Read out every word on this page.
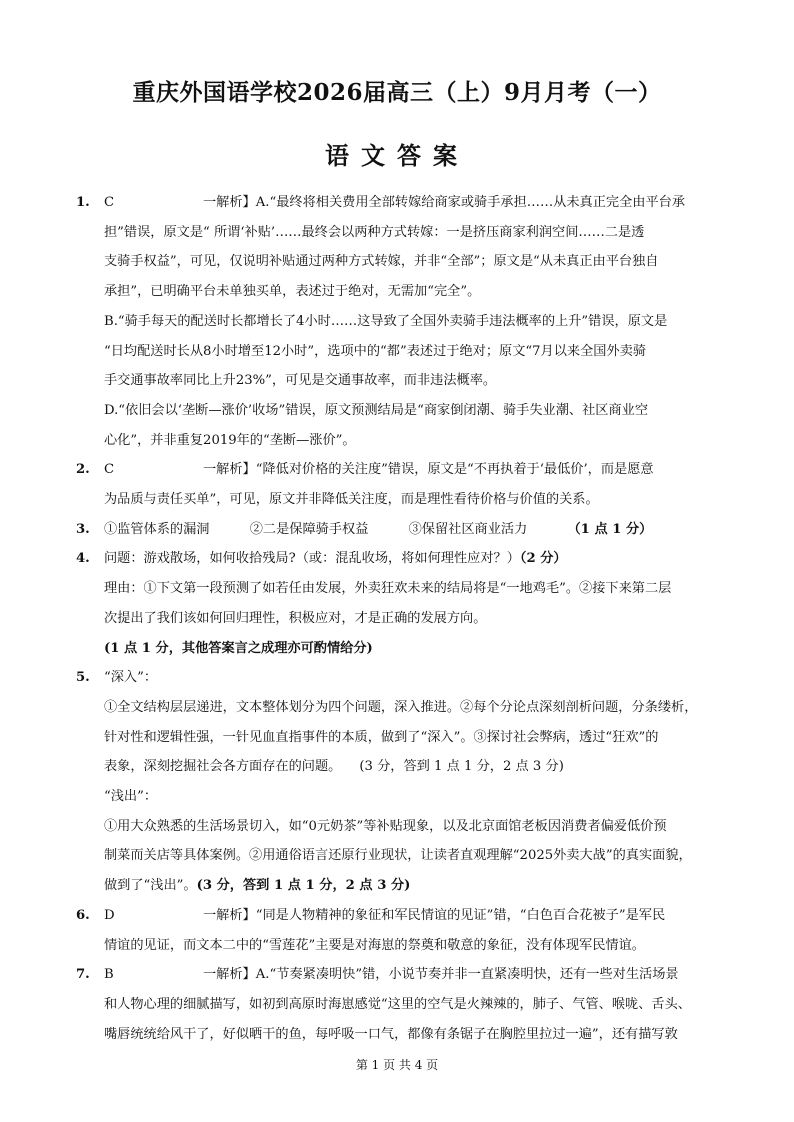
重庆外国语学校2026届高三（上）9月月考（一）
语文答案
1.	C	一解析】A.“最终将相关费用全部转嫁给商家或骑手承担……从未真正完全由平台承
担”错误，原文是“ 所谓‘补贴’……最终会以两种方式转嫁：一是挤压商家利润空间……二是透
支骑手权益”，可见，仅说明补贴通过两种方式转嫁，并非“全部”；原文是“从未真正由平台独自
承担”，已明确平台未单独买单，表述过于绝对，无需加“完全”。
B.“骑手每天的配送时长都增长了4小时……这导致了全国外卖骑手违法概率的上升”错误，原文是
“日均配送时长从8小时增至12小时”，选项中的“都”表述过于绝对；原文“7月以来全国外卖骑
手交通事故率同比上升23%”，可见是交通事故率，而非违法概率。
D.“依旧会以‘垄断—涨价’收场”错误，原文预测结局是“商家倒闭潮、骑手失业潮、社区商业空
心化”，并非重复2019年的“垄断—涨价”。
2.	C	一解析】“降低对价格的关注度”错误，原文是“不再执着于‘最低价’，而是愿意
为品质与责任买单”，可见，原文并非降低关注度，而是理性看待价格与价值的关系。
3.	①监管体系的漏洞	②二是保障骑手权益	③保留社区商业活力	（1 点 1 分）
4.	问题：游戏散场，如何收拾残局?（或：混乱收场，将如何理性应对？）（2 分）
理由：①下文第一段预测了如若任由发展，外卖狂欢未来的结局将是“一地鸡毛”。②接下来第二层
次提出了我们该如何回归理性，积极应对，才是正确的发展方向。
(1 点 1 分，其他答案言之成理亦可酌情给分)
5.	“深入”：
①全文结构层层递进，文本整体划分为四个问题，深入推进。②每个分论点深刻剖析问题，分条缕析，
针对性和逻辑性强，一针见血直指事件的本质，做到了“深入”。③探讨社会弊病，透过“狂欢”的
表象，深刻挖掘社会各方面存在的问题。 (3 分，答到 1 点 1 分，2 点 3 分)
“浅出”：
①用大众熟悉的生活场景切入，如“0元奶茶”等补贴现象，以及北京面馆老板因消费者偏爱低价预
制菜而关店等具体案例。②用通俗语言还原行业现状，让读者直观理解“2025外卖大战”的真实面貌，
做到了“浅出”。(3 分，答到 1 点 1 分，2 点 3 分)
6.	D	一解析】“同是人物精神的象征和军民情谊的见证”错，“白色百合花被子”是军民
情谊的见证，而文本二中的“雪莲花”主要是对海崽的祭奠和敬意的象征，没有体现军民情谊。
7.	B	一解析】A.“节奏紧凑明快”错，小说节奏并非一直紧凑明快，还有一些对生活场景
和人物心理的细腻描写，如初到高原时海崽感觉“这里的空气是火辣辣的，肺子、气管、喉咙、舌头、
嘴唇统统给风干了，好似晒干的鱼，每呼吸一口气，都像有条锯子在胸腔里拉过一遍”，还有描写敦
第 1 页 共 4 页
